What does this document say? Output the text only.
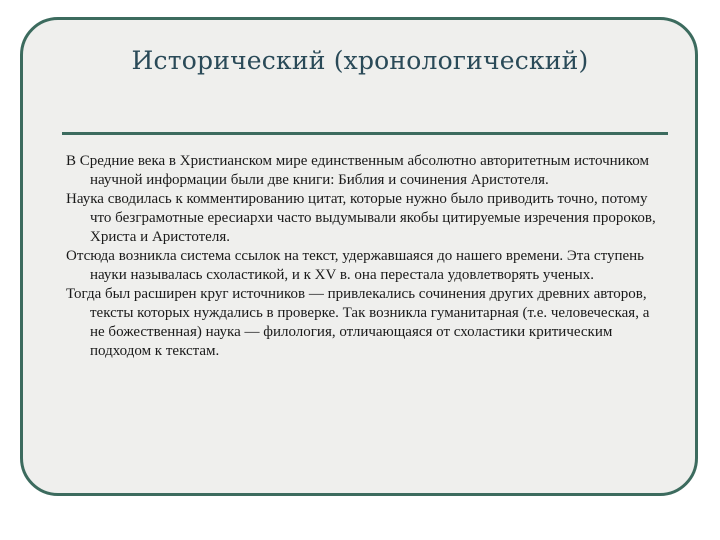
Исторический (хронологический)

В Средние века в Христианском мире единственным абсолютно авторитетным источником научной информации были две книги: Библия и сочинения Аристотеля.

Наука сводилась к комментированию цитат, которые нужно было приводить точно, потому что безграмотные ересиархи часто выдумывали якобы цитируемые изречения пророков, Христа и Аристотеля.

Отсюда возникла система ссылок на текст, удержавшаяся до нашего времени. Эта ступень науки называлась схоластикой, и к XV в. она перестала удовлетворять ученых.

Тогда был расширен круг источников — привлекались сочинения других древних авторов, тексты которых нуждались в проверке. Так возникла гуманитарная (т.е. человеческая, а не божественная) наука — филология, отличающаяся от схоластики критическим подходом к текстам.
